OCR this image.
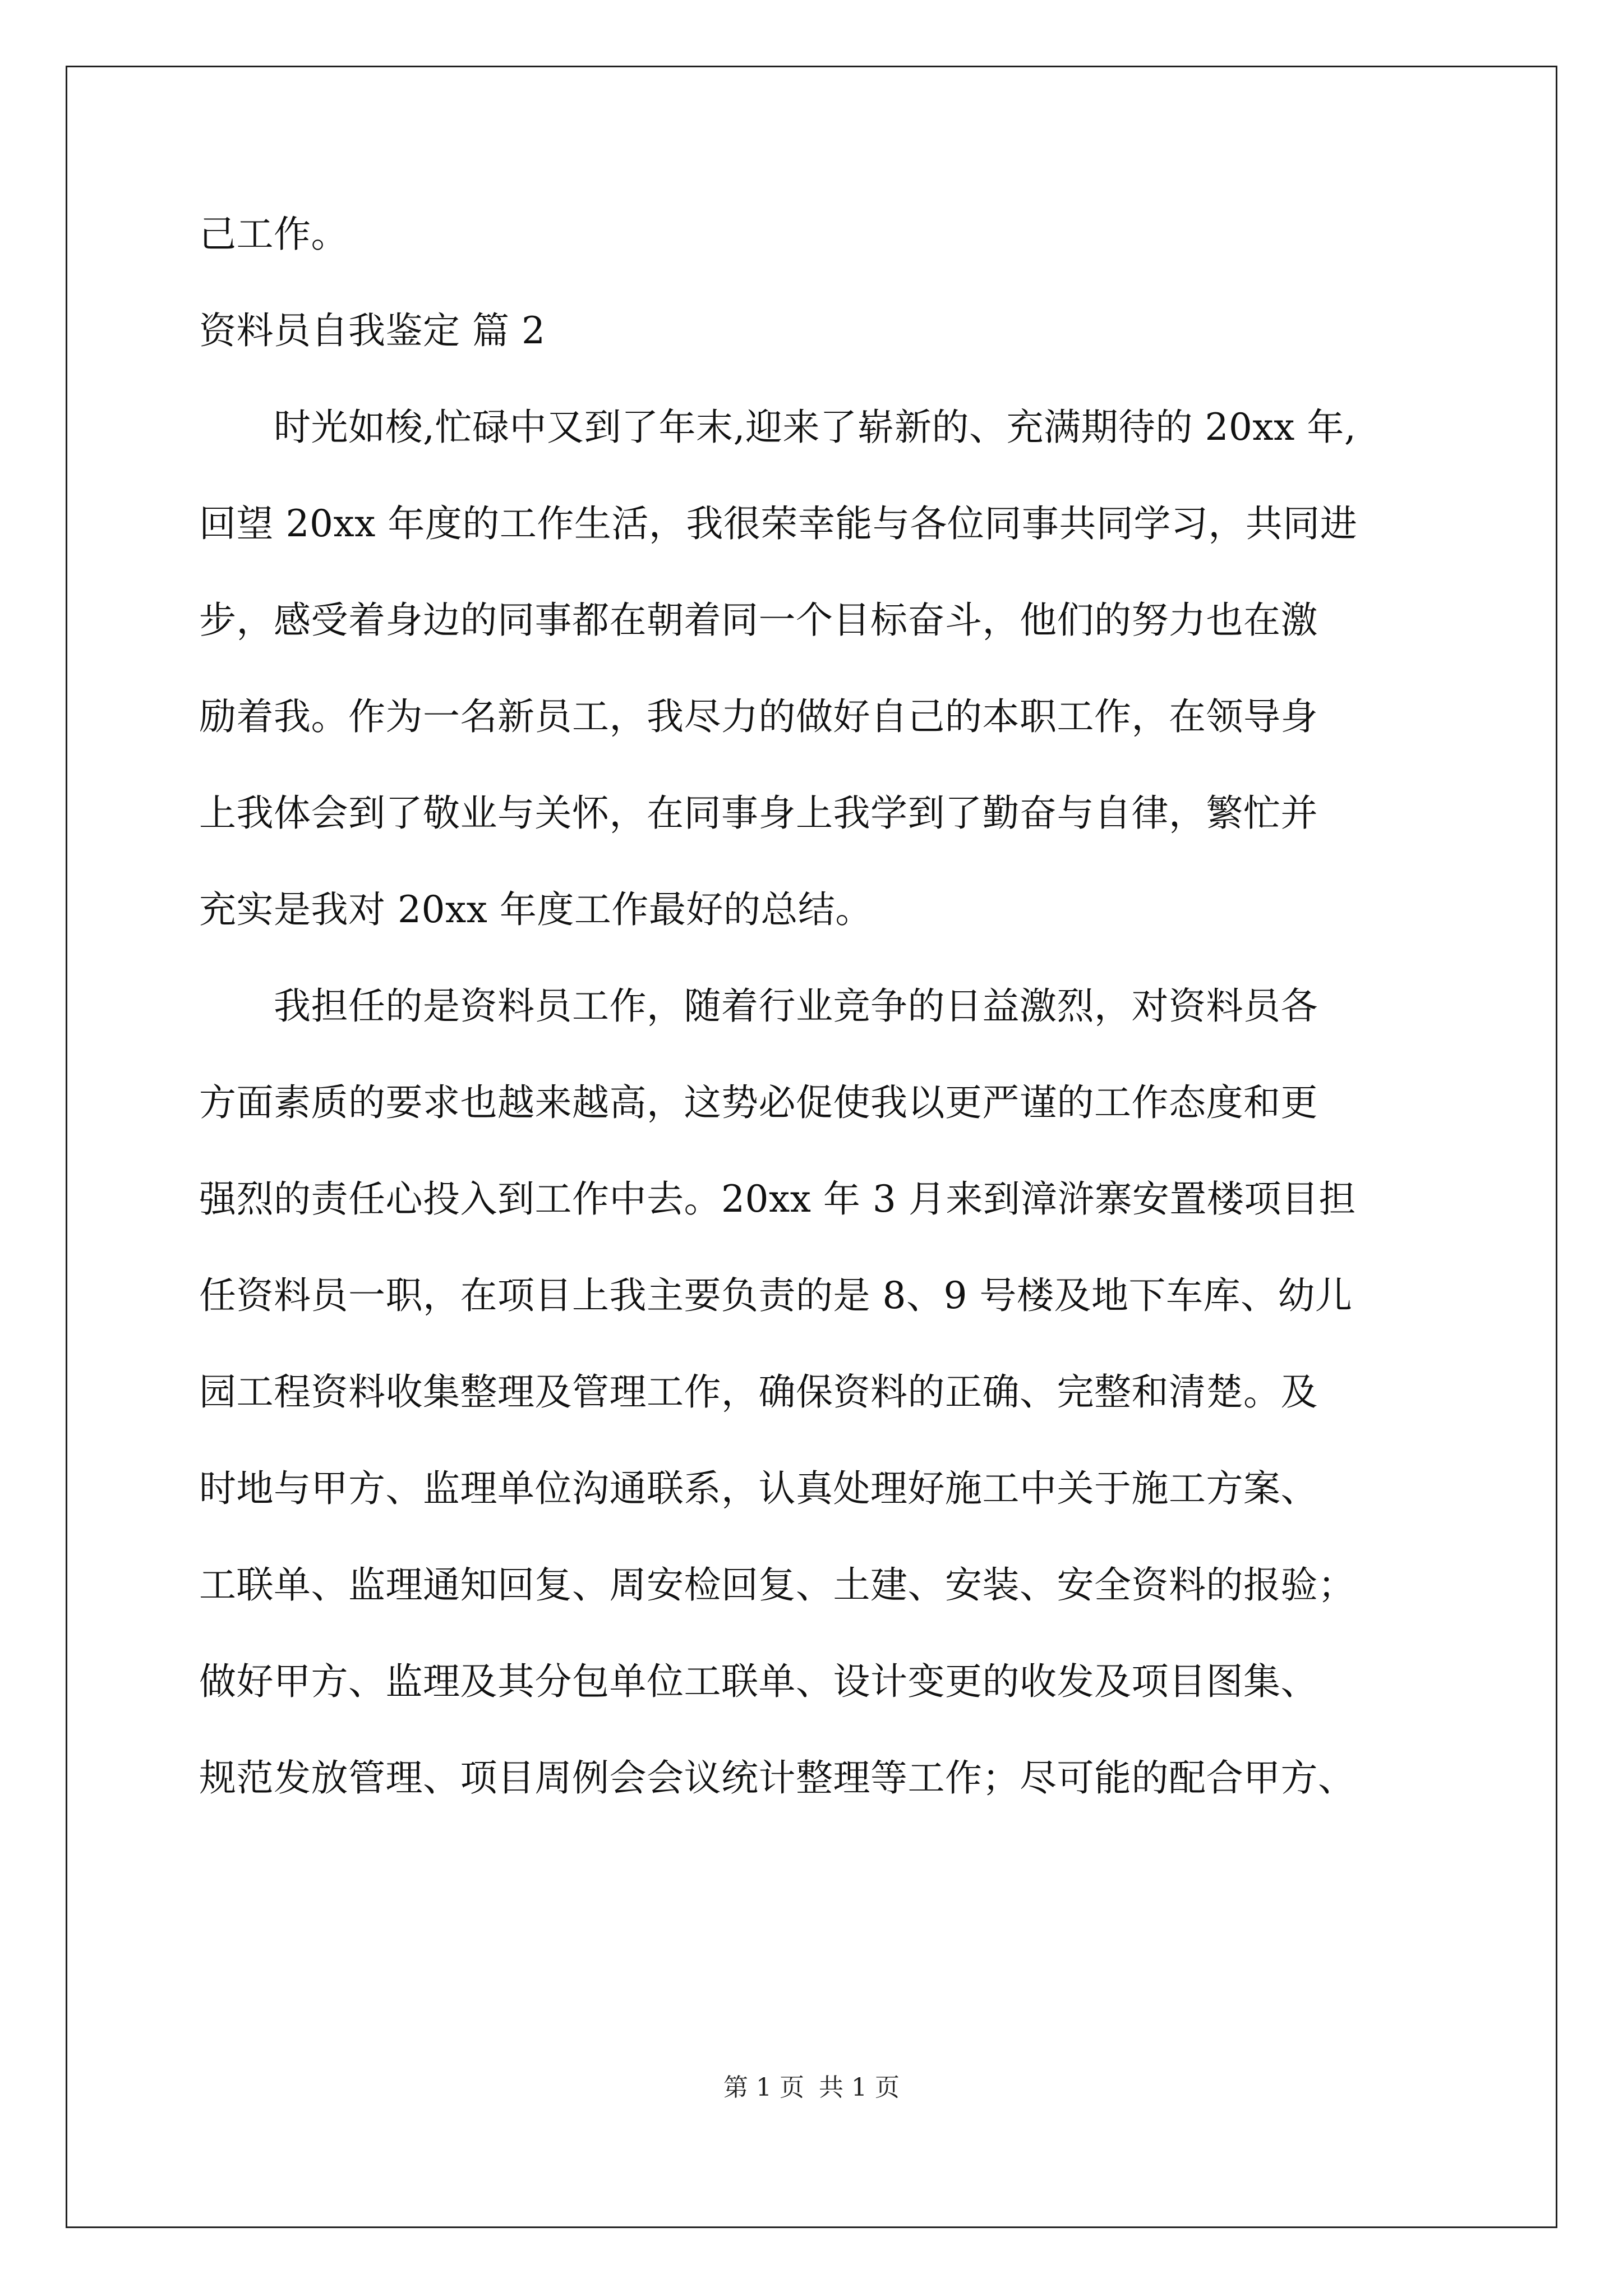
己工作。
资料员自我鉴定 篇 2
　　时光如梭,忙碌中又到了年末,迎来了崭新的、充满期待的 20xx 年,
回望 20xx 年度的工作生活，我很荣幸能与各位同事共同学习，共同进
步，感受着身边的同事都在朝着同一个目标奋斗，他们的努力也在激
励着我。作为一名新员工，我尽力的做好自己的本职工作，在领导身
上我体会到了敬业与关怀，在同事身上我学到了勤奋与自律，繁忙并
充实是我对 20xx 年度工作最好的总结。
　　我担任的是资料员工作，随着行业竞争的日益激烈，对资料员各
方面素质的要求也越来越高，这势必促使我以更严谨的工作态度和更
强烈的责任心投入到工作中去。20xx 年 3 月来到漳浒寨安置楼项目担
任资料员一职，在项目上我主要负责的是 8、9 号楼及地下车库、幼儿
园工程资料收集整理及管理工作，确保资料的正确、完整和清楚。及
时地与甲方、监理单位沟通联系，认真处理好施工中关于施工方案、
工联单、监理通知回复、周安检回复、土建、安装、安全资料的报验；
做好甲方、监理及其分包单位工联单、设计变更的收发及项目图集、
规范发放管理、项目周例会会议统计整理等工作；尽可能的配合甲方、
第 1 页 共 1 页
